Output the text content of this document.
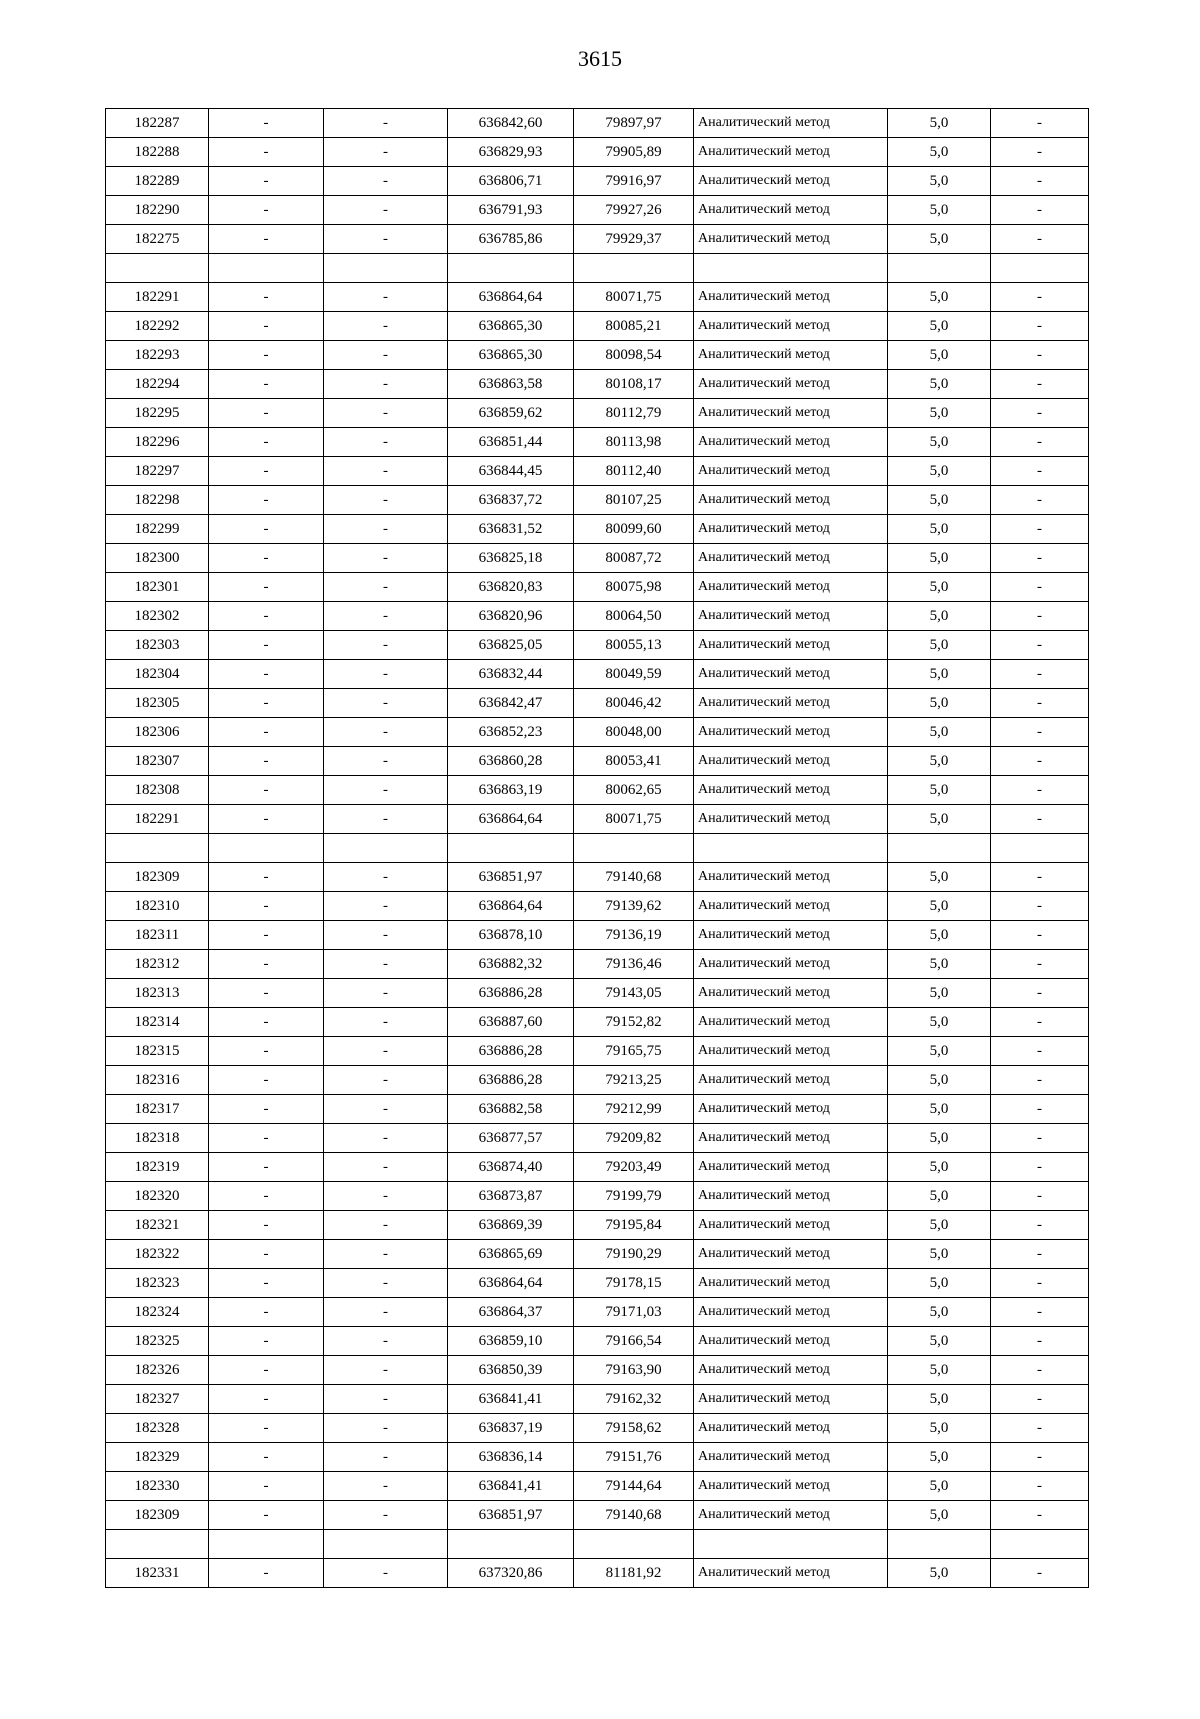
3615
182287	-	-	636842,60	79897,97	Аналитический метод	5,0	-
182288	-	-	636829,93	79905,89	Аналитический метод	5,0	-
182289	-	-	636806,71	79916,97	Аналитический метод	5,0	-
182290	-	-	636791,93	79927,26	Аналитический метод	5,0	-
182275	-	-	636785,86	79929,37	Аналитический метод	5,0	-

182291	-	-	636864,64	80071,75	Аналитический метод	5,0	-
182292	-	-	636865,30	80085,21	Аналитический метод	5,0	-
182293	-	-	636865,30	80098,54	Аналитический метод	5,0	-
182294	-	-	636863,58	80108,17	Аналитический метод	5,0	-
182295	-	-	636859,62	80112,79	Аналитический метод	5,0	-
182296	-	-	636851,44	80113,98	Аналитический метод	5,0	-
182297	-	-	636844,45	80112,40	Аналитический метод	5,0	-
182298	-	-	636837,72	80107,25	Аналитический метод	5,0	-
182299	-	-	636831,52	80099,60	Аналитический метод	5,0	-
182300	-	-	636825,18	80087,72	Аналитический метод	5,0	-
182301	-	-	636820,83	80075,98	Аналитический метод	5,0	-
182302	-	-	636820,96	80064,50	Аналитический метод	5,0	-
182303	-	-	636825,05	80055,13	Аналитический метод	5,0	-
182304	-	-	636832,44	80049,59	Аналитический метод	5,0	-
182305	-	-	636842,47	80046,42	Аналитический метод	5,0	-
182306	-	-	636852,23	80048,00	Аналитический метод	5,0	-
182307	-	-	636860,28	80053,41	Аналитический метод	5,0	-
182308	-	-	636863,19	80062,65	Аналитический метод	5,0	-
182291	-	-	636864,64	80071,75	Аналитический метод	5,0	-

182309	-	-	636851,97	79140,68	Аналитический метод	5,0	-
182310	-	-	636864,64	79139,62	Аналитический метод	5,0	-
182311	-	-	636878,10	79136,19	Аналитический метод	5,0	-
182312	-	-	636882,32	79136,46	Аналитический метод	5,0	-
182313	-	-	636886,28	79143,05	Аналитический метод	5,0	-
182314	-	-	636887,60	79152,82	Аналитический метод	5,0	-
182315	-	-	636886,28	79165,75	Аналитический метод	5,0	-
182316	-	-	636886,28	79213,25	Аналитический метод	5,0	-
182317	-	-	636882,58	79212,99	Аналитический метод	5,0	-
182318	-	-	636877,57	79209,82	Аналитический метод	5,0	-
182319	-	-	636874,40	79203,49	Аналитический метод	5,0	-
182320	-	-	636873,87	79199,79	Аналитический метод	5,0	-
182321	-	-	636869,39	79195,84	Аналитический метод	5,0	-
182322	-	-	636865,69	79190,29	Аналитический метод	5,0	-
182323	-	-	636864,64	79178,15	Аналитический метод	5,0	-
182324	-	-	636864,37	79171,03	Аналитический метод	5,0	-
182325	-	-	636859,10	79166,54	Аналитический метод	5,0	-
182326	-	-	636850,39	79163,90	Аналитический метод	5,0	-
182327	-	-	636841,41	79162,32	Аналитический метод	5,0	-
182328	-	-	636837,19	79158,62	Аналитический метод	5,0	-
182329	-	-	636836,14	79151,76	Аналитический метод	5,0	-
182330	-	-	636841,41	79144,64	Аналитический метод	5,0	-
182309	-	-	636851,97	79140,68	Аналитический метод	5,0	-

182331	-	-	637320,86	81181,92	Аналитический метод	5,0	-
